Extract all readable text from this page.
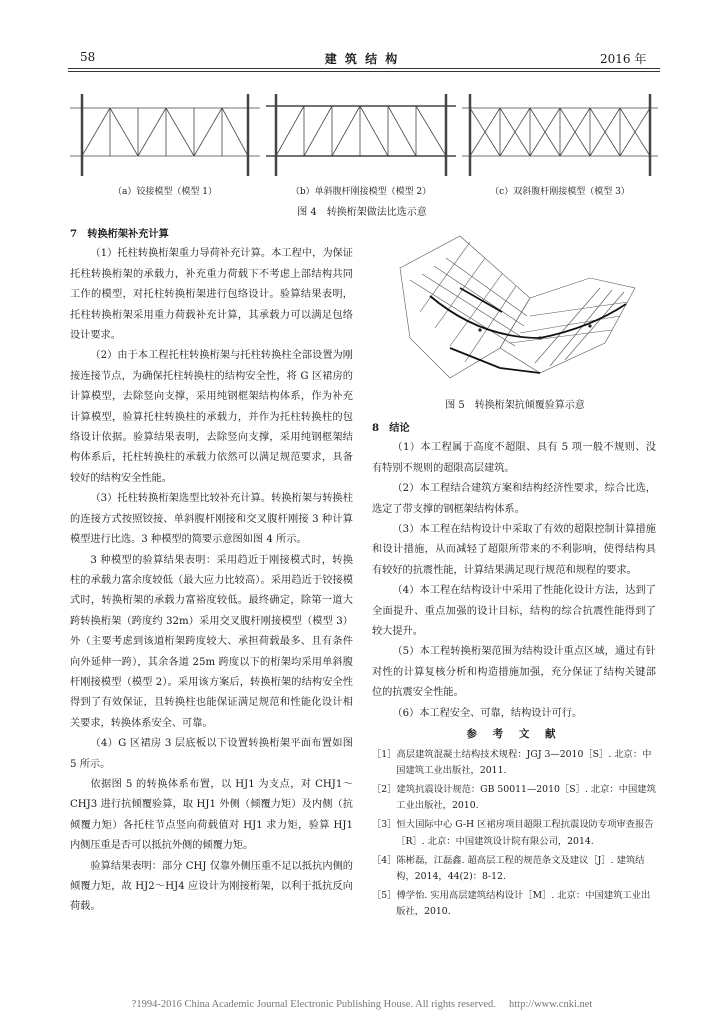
58	建 筑 结 构	2016 年
（a）铰接模型（模型 1）	（b）单斜腹杆刚接模型（模型 2）	（c）双斜腹杆刚接模型（模型 3）
图 4　转换桁架做法比选示意

7　转换桁架补充计算

（1）托柱转换桁架重力导荷补充计算。本工程中，为保证托柱转换桁架的承载力，补充重力荷载下不考虑上部结构共同工作的模型，对托柱转换桁架进行包络设计。验算结果表明，托柱转换桁架采用重力荷载补充计算，其承载力可以满足包络设计要求。

（2）由于本工程托柱转换桁架与托柱转换柱全部设置为刚接连接节点，为确保托柱转换柱的结构安全性，将 G 区裙房的计算模型，去除竖向支撑，采用纯钢框架结构体系，作为补充计算模型，验算托柱转换柱的承载力，并作为托柱转换柱的包络设计依据。验算结果表明，去除竖向支撑，采用纯钢框架结构体系后，托柱转换柱的承载力依然可以满足规范要求，具备较好的结构安全性能。

（3）托柱转换桁架选型比较补充计算。转换桁架与转换柱的连接方式按照铰接、单斜腹杆刚接和交叉腹杆刚接 3 种计算模型进行比选。3 种模型的简要示意图如图 4 所示。

3 种模型的验算结果表明：采用趋近于刚接模式时，转换柱的承载力富余度较低（最大应力比较高）。采用趋近于铰接模式时，转换桁架的承载力富裕度较低。最终确定，除第一道大跨转换桁架（跨度约 32m）采用交叉腹杆刚接模型（模型 3）外（主要考虑到该道桁架跨度较大、承担荷载最多、且有条件向外延伸一跨），其余各道 25m 跨度以下的桁架均采用单斜腹杆刚接模型（模型 2）。采用该方案后，转换桁架的结构安全性得到了有效保证，且转换柱也能保证满足规范和性能化设计相关要求，转换体系安全、可靠。

（4）G 区裙房 3 层底板以下设置转换桁架平面布置如图 5 所示。

依据图 5 的转换体系布置，以 HJ1 为支点，对 CHJ1～CHJ3 进行抗倾覆验算，取 HJ1 外侧（倾覆力矩）及内侧（抗倾覆力矩）各托柱节点竖向荷载值对 HJ1 求力矩，验算 HJ1 内侧压重是否可以抵抗外侧的倾覆力矩。

验算结果表明：部分 CHJ 仅靠外侧压重不足以抵抗内侧的倾覆力矩，故 HJ2～HJ4 应设计为刚接桁架，以利于抵抗反向荷载。

图 5　转换桁架抗倾覆验算示意

8　结论

（1）本工程属于高度不超限、具有 5 项一般不规则、没有特别不规则的超限高层建筑。

（2）本工程结合建筑方案和结构经济性要求，综合比选，选定了带支撑的钢框架结构体系。

（3）本工程在结构设计中采取了有效的超限控制计算措施和设计措施，从而减轻了超限所带来的不利影响，使得结构具有较好的抗震性能，计算结果满足现行规范和规程的要求。

（4）本工程在结构设计中采用了性能化设计方法，达到了全面提升、重点加强的设计目标，结构的综合抗震性能得到了较大提升。

（5）本工程转换桁架范围为结构设计重点区域，通过有针对性的计算复核分析和构造措施加强，充分保证了结构关键部位的抗震安全性能。

（6）本工程安全、可靠，结构设计可行。

参 考 文 献

［1］高层建筑混凝土结构技术规程：JGJ 3—2010［S］. 北京：中国建筑工业出版社，2011.
［2］建筑抗震设计规范：GB 50011—2010［S］. 北京：中国建筑工业出版社，2010.
［3］恒大国际中心 G-H 区裙房项目超限工程抗震设防专项审查报告［R］. 北京：中国建筑设计院有限公司，2014.
［4］陈彬磊，江磊鑫. 超高层工程的规范条文及建议［J］. 建筑结构，2014，44(2)：8-12.
［5］傅学怡. 实用高层建筑结构设计［M］. 北京：中国建筑工业出版社，2010.
?1994-2016 China Academic Journal Electronic Publishing House. All rights reserved.　 http://www.cnki.net
